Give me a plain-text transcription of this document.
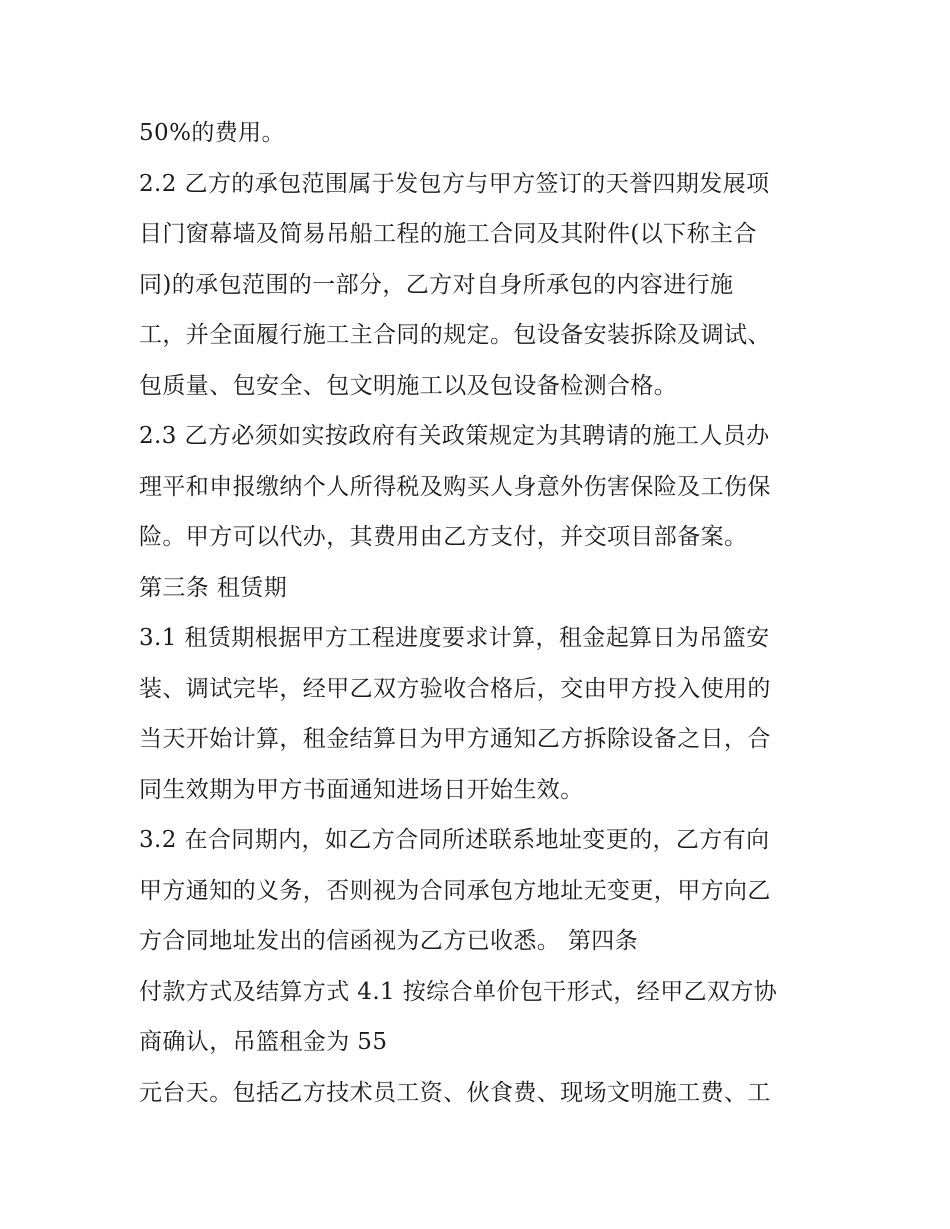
50%的费用。
2.2 乙方的承包范围属于发包方与甲方签订的天誉四期发展项
目门窗幕墙及简易吊船工程的施工合同及其附件(以下称主合
同)的承包范围的一部分，乙方对自身所承包的内容进行施
工，并全面履行施工主合同的规定。包设备安装拆除及调试、
包质量、包安全、包文明施工以及包设备检测合格。
2.3 乙方必须如实按政府有关政策规定为其聘请的施工人员办
理平和申报缴纳个人所得税及购买人身意外伤害保险及工伤保
险。甲方可以代办，其费用由乙方支付，并交项目部备案。
第三条 租赁期
3.1 租赁期根据甲方工程进度要求计算，租金起算日为吊篮安
装、调试完毕，经甲乙双方验收合格后，交由甲方投入使用的
当天开始计算，租金结算日为甲方通知乙方拆除设备之日，合
同生效期为甲方书面通知进场日开始生效。
3.2 在合同期内，如乙方合同所述联系地址变更的，乙方有向
甲方通知的义务，否则视为合同承包方地址无变更，甲方向乙
方合同地址发出的信函视为乙方已收悉。 第四条
付款方式及结算方式 4.1 按综合单价包干形式，经甲乙双方协
商确认，吊篮租金为 55
元台天。包括乙方技术员工资、伙食费、现场文明施工费、工
